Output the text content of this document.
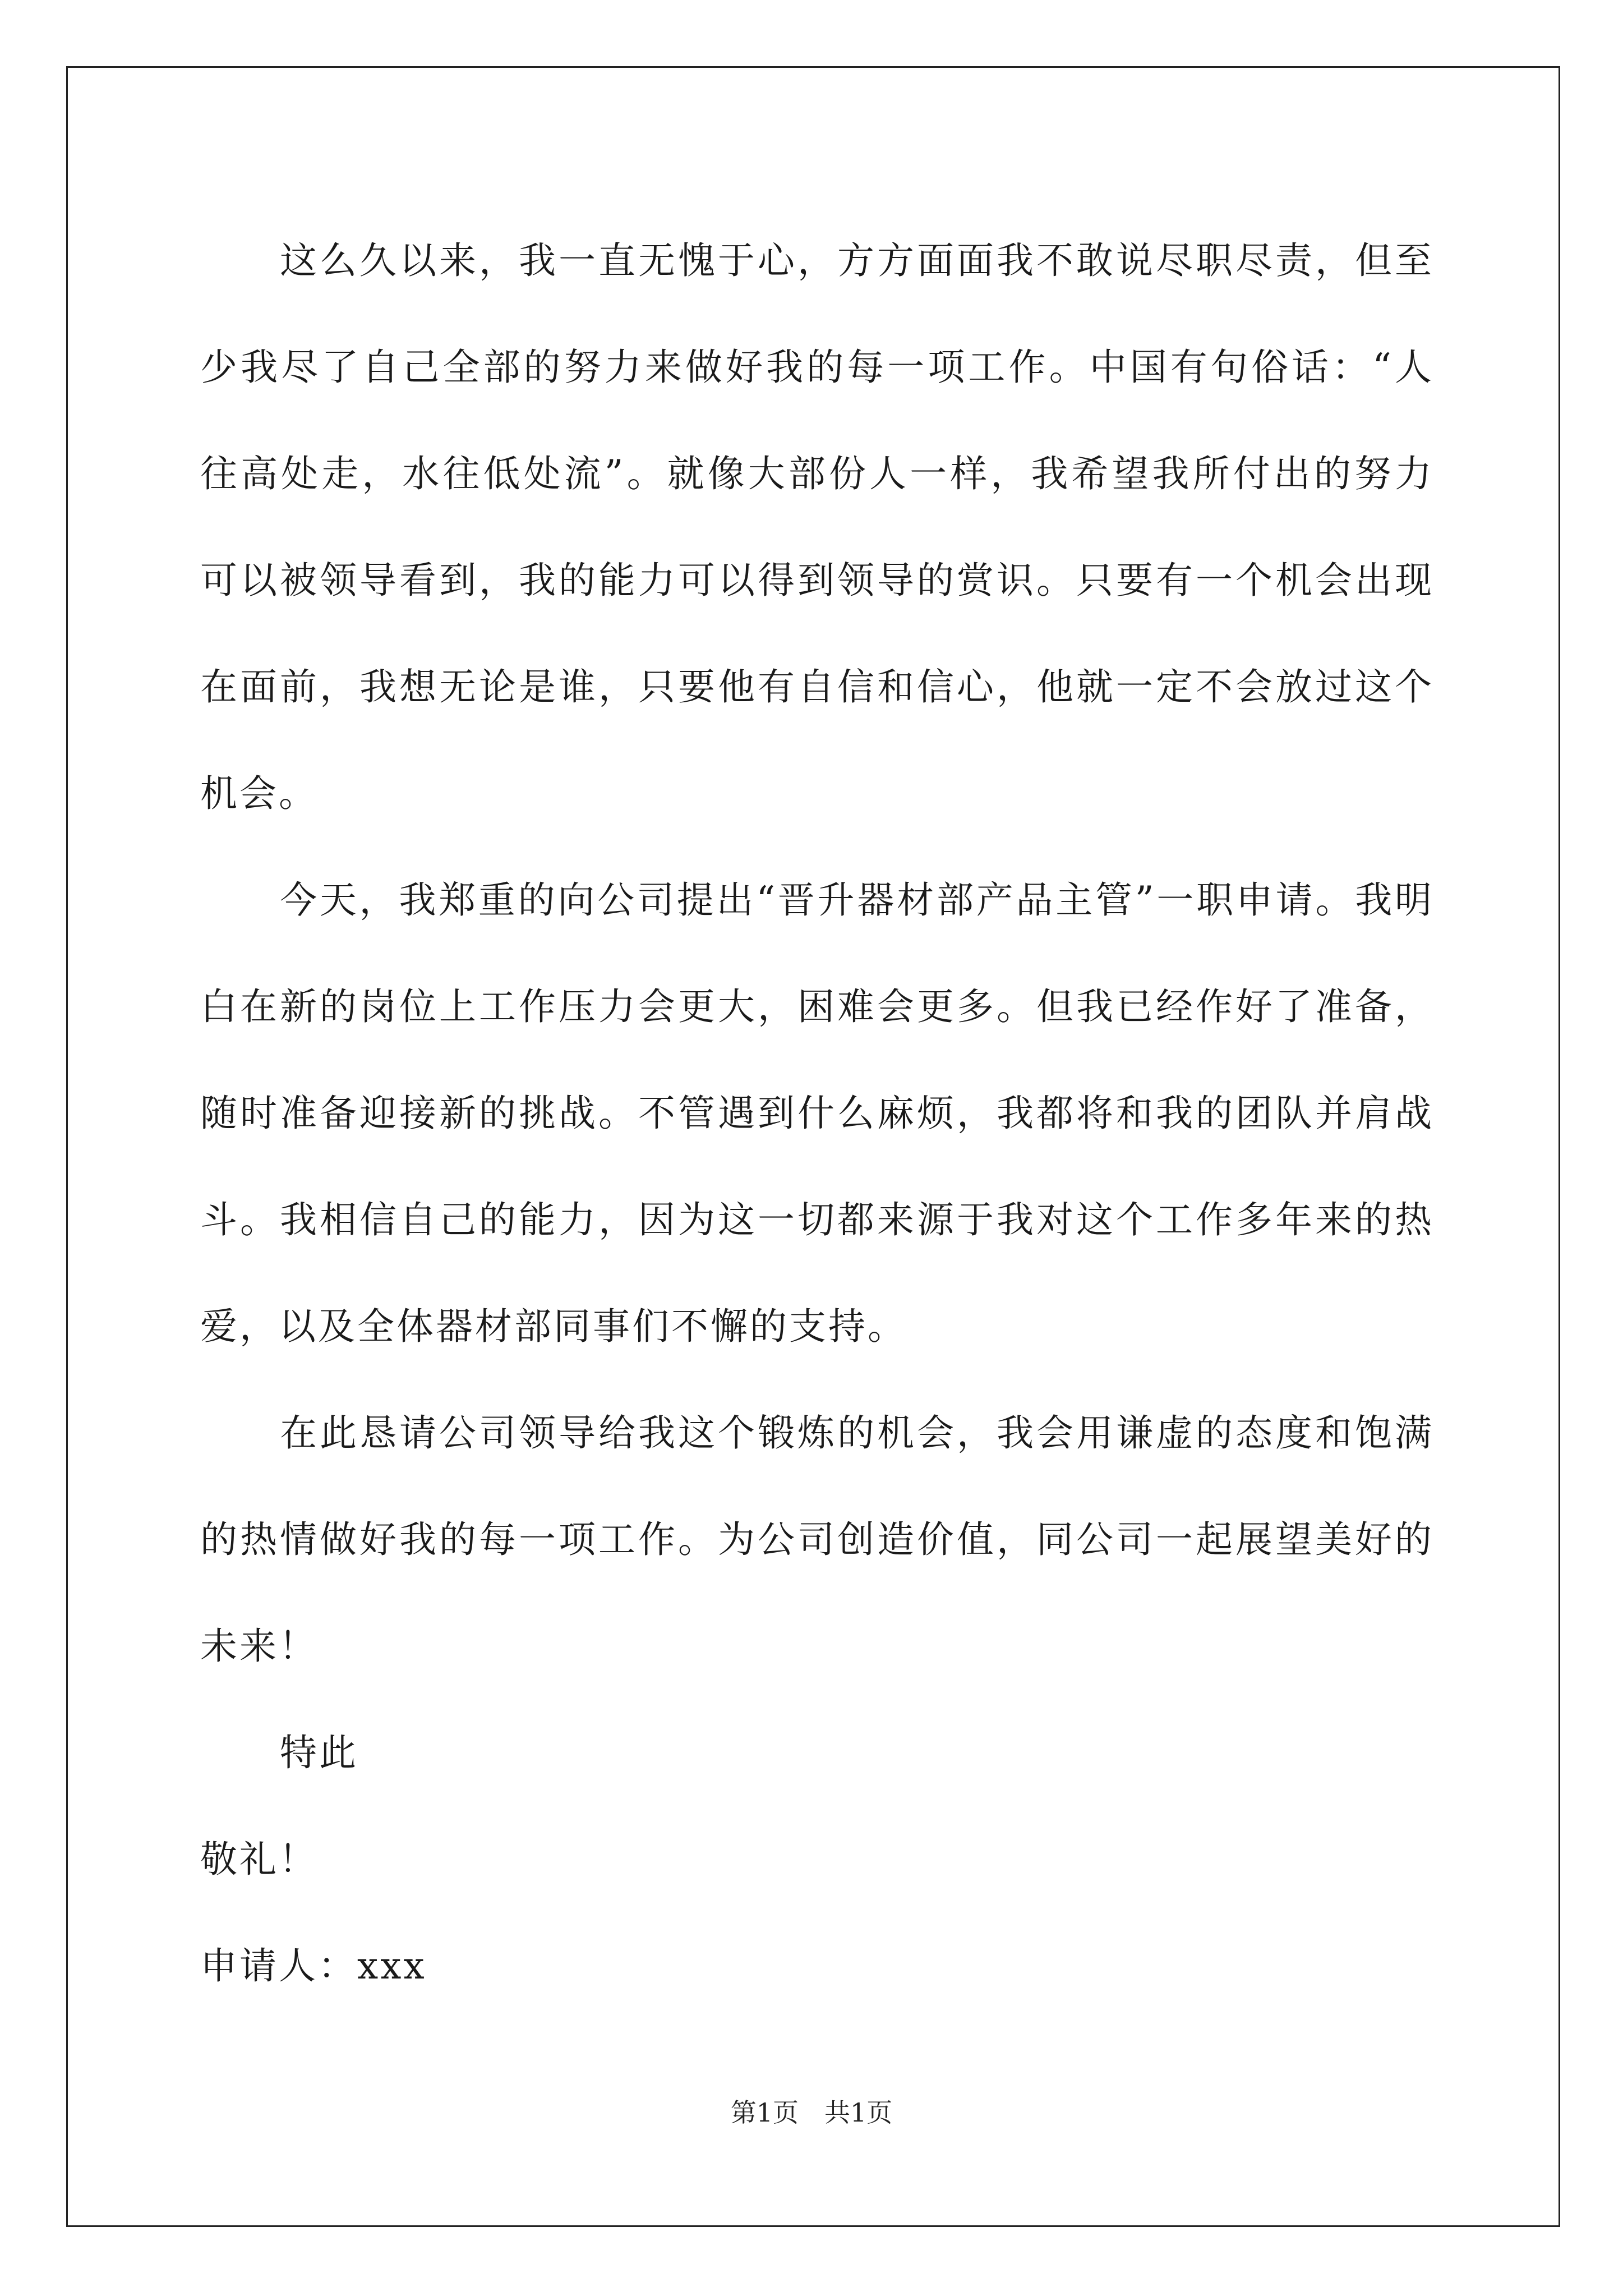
这么久以来，我一直无愧于心，方方面面我不敢说尽职尽责，但至少我尽了自己全部的努力来做好我的每一项工作。中国有句俗话：“人往高处走，水往低处流”。就像大部份人一样，我希望我所付出的努力可以被领导看到，我的能力可以得到领导的赏识。只要有一个机会出现在面前，我想无论是谁，只要他有自信和信心，他就一定不会放过这个机会。

今天，我郑重的向公司提出“晋升器材部产品主管”一职申请。我明白在新的岗位上工作压力会更大，困难会更多。但我已经作好了准备，随时准备迎接新的挑战。不管遇到什么麻烦，我都将和我的团队并肩战斗。我相信自己的能力，因为这一切都来源于我对这个工作多年来的热爱，以及全体器材部同事们不懈的支持。

在此恳请公司领导给我这个锻炼的机会，我会用谦虚的态度和饱满的热情做好我的每一项工作。为公司创造价值，同公司一起展望美好的未来！

特此

敬礼！

申请人：xxx

第1页　共1页
